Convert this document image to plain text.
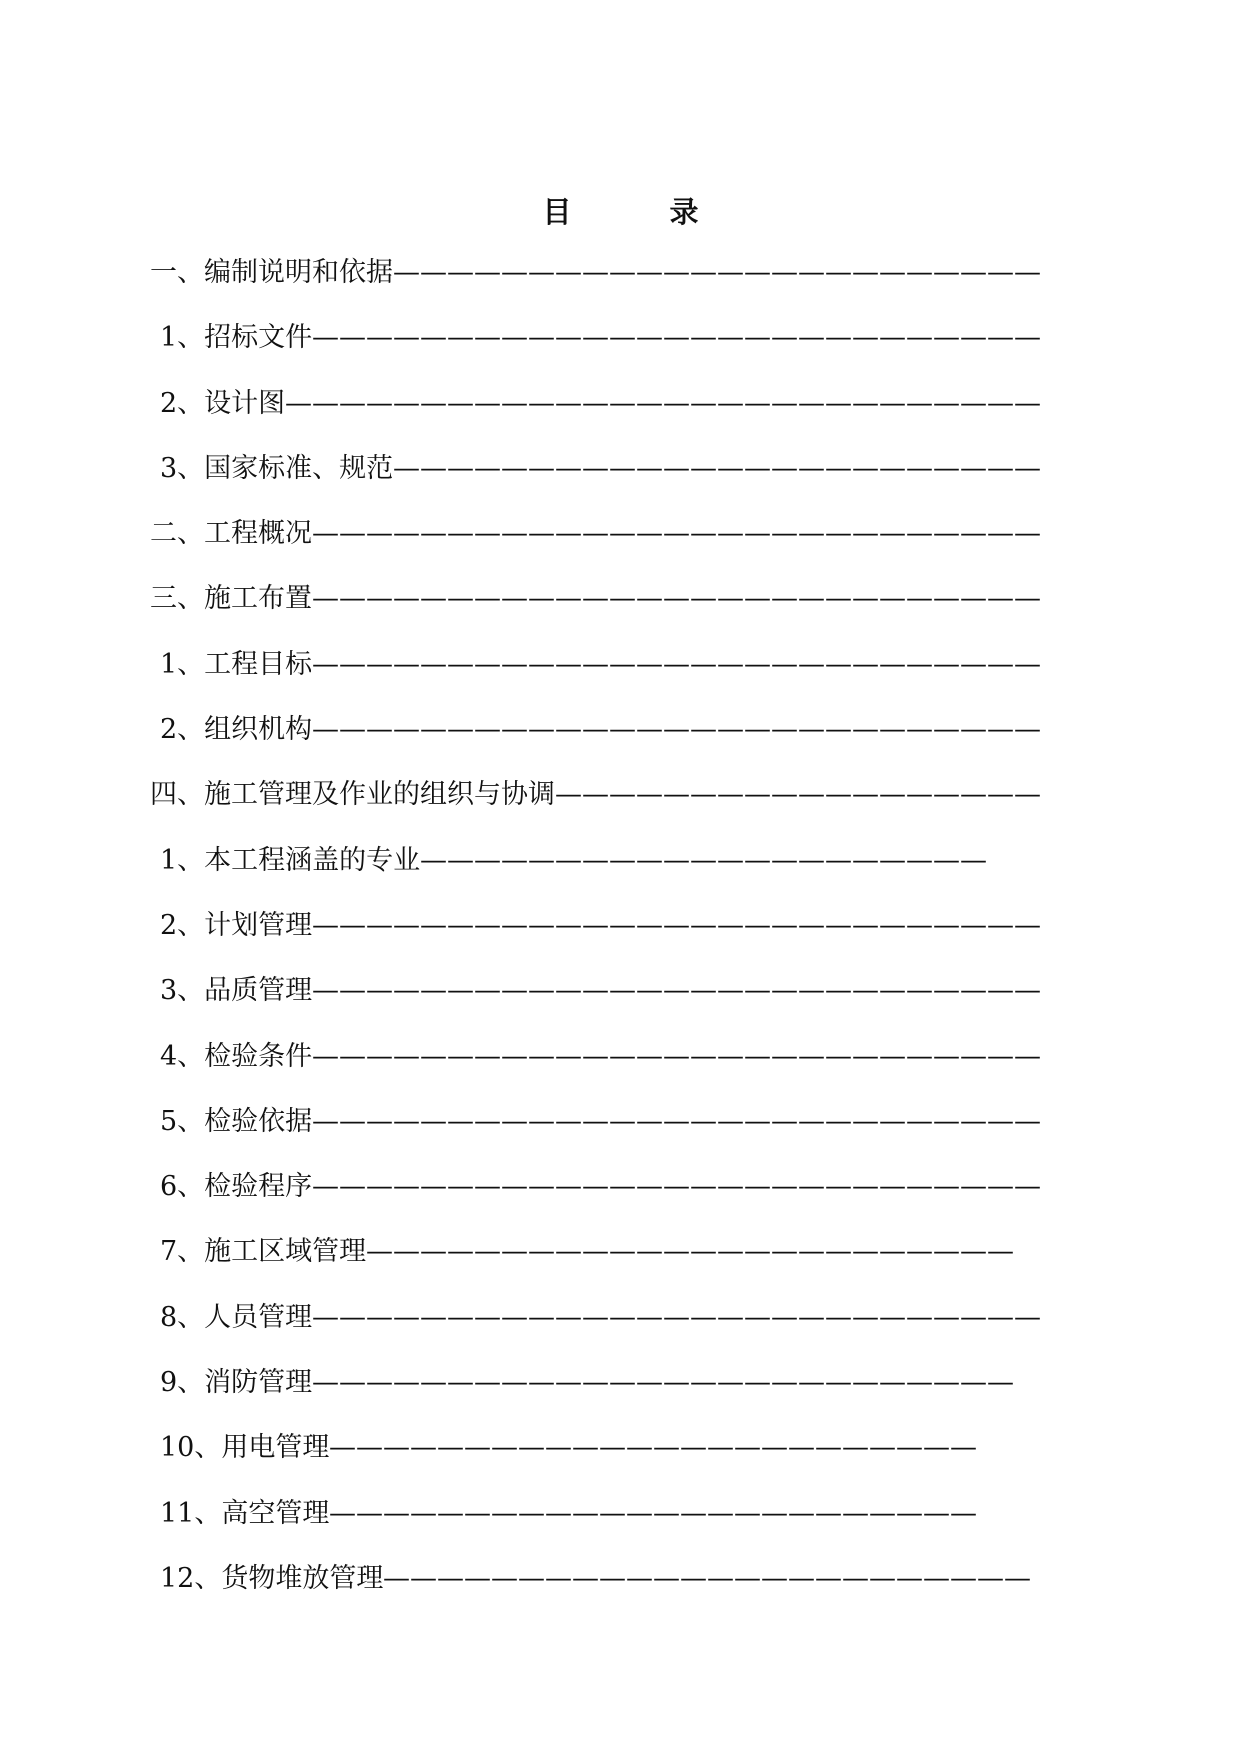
目 录
一、编制说明和依据 ————————————————————————
1、招标文件 ———————————————————————————
2、设计图 ————————————————————————————
3、国家标准、规范 ————————————————————————
二、工程概况 ———————————————————————————
三、施工布置 ———————————————————————————
1、工程目标 ———————————————————————————
2、组织机构 ———————————————————————————
四、施工管理及作业的组织与协调 ——————————————————
1、本工程涵盖的专业 —————————————————————
2、计划管理 ———————————————————————————
3、品质管理 ———————————————————————————
4、检验条件 ———————————————————————————
5、检验依据 ———————————————————————————
6、检验程序 ———————————————————————————
7、施工区域管理 ————————————————————————
8、人员管理 ———————————————————————————
9、消防管理 ——————————————————————————
10、用电管理 ————————————————————————
11、高空管理 ————————————————————————
12、货物堆放管理 ————————————————————————
